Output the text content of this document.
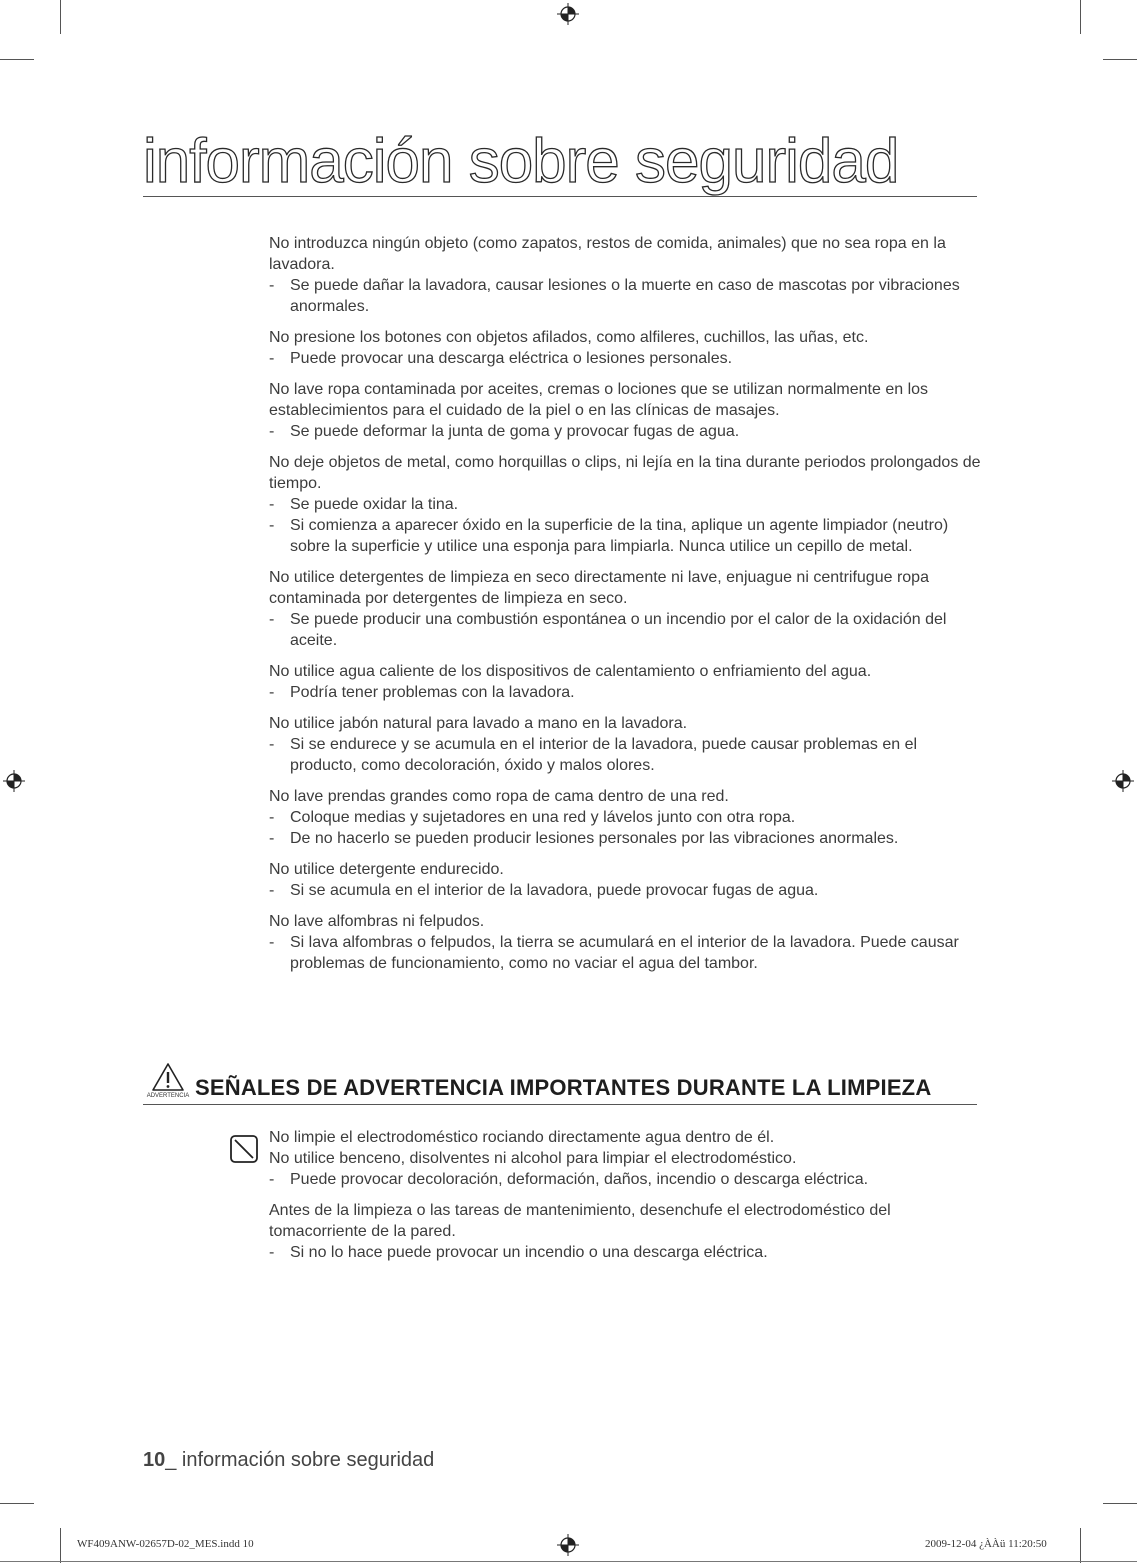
información sobre seguridad
No introduzca ningún objeto (como zapatos, restos de comida, animales) que no sea ropa en la lavadora.
- Se puede dañar la lavadora, causar lesiones o la muerte en caso de mascotas por vibraciones anormales.
No presione los botones con objetos afilados, como alfileres, cuchillos, las uñas, etc.
- Puede provocar una descarga eléctrica o lesiones personales.
No lave ropa contaminada por aceites, cremas o lociones que se utilizan normalmente en los establecimientos para el cuidado de la piel o en las clínicas de masajes.
- Se puede deformar la junta de goma y provocar fugas de agua.
No deje objetos de metal, como horquillas o clips, ni lejía en la tina durante periodos prolongados de tiempo.
- Se puede oxidar la tina.
- Si comienza a aparecer óxido en la superficie de la tina, aplique un agente limpiador (neutro) sobre la superficie y utilice una esponja para limpiarla. Nunca utilice un cepillo de metal.
No utilice detergentes de limpieza en seco directamente ni lave, enjuague ni centrifugue ropa contaminada por detergentes de limpieza en seco.
- Se puede producir una combustión espontánea o un incendio por el calor de la oxidación del aceite.
No utilice agua caliente de los dispositivos de calentamiento o enfriamiento del agua.
- Podría tener problemas con la lavadora.
No utilice jabón natural para lavado a mano en la lavadora.
- Si se endurece y se acumula en el interior de la lavadora, puede causar problemas en el producto, como decoloración, óxido y malos olores.
No lave prendas grandes como ropa de cama dentro de una red.
- Coloque medias y sujetadores en una red y lávelos junto con otra ropa.
- De no hacerlo se pueden producir lesiones personales por las vibraciones anormales.
No utilice detergente endurecido.
- Si se acumula en el interior de la lavadora, puede provocar fugas de agua.
No lave alfombras ni felpudos.
- Si lava alfombras o felpudos, la tierra se acumulará en el interior de la lavadora. Puede causar problemas de funcionamiento, como no vaciar el agua del tambor.
ADVERTENCIA SEÑALES DE ADVERTENCIA IMPORTANTES DURANTE LA LIMPIEZA
No limpie el electrodoméstico rociando directamente agua dentro de él.
No utilice benceno, disolventes ni alcohol para limpiar el electrodoméstico.
- Puede provocar decoloración, deformación, daños, incendio o descarga eléctrica.
Antes de la limpieza o las tareas de mantenimiento, desenchufe el electrodoméstico del tomacorriente de la pared.
- Si no lo hace puede provocar un incendio o una descarga eléctrica.
10_ información sobre seguridad
WF409ANW-02657D-02_MES.indd 10	2009-12-04 ¿ÀÀü 11:20:50
